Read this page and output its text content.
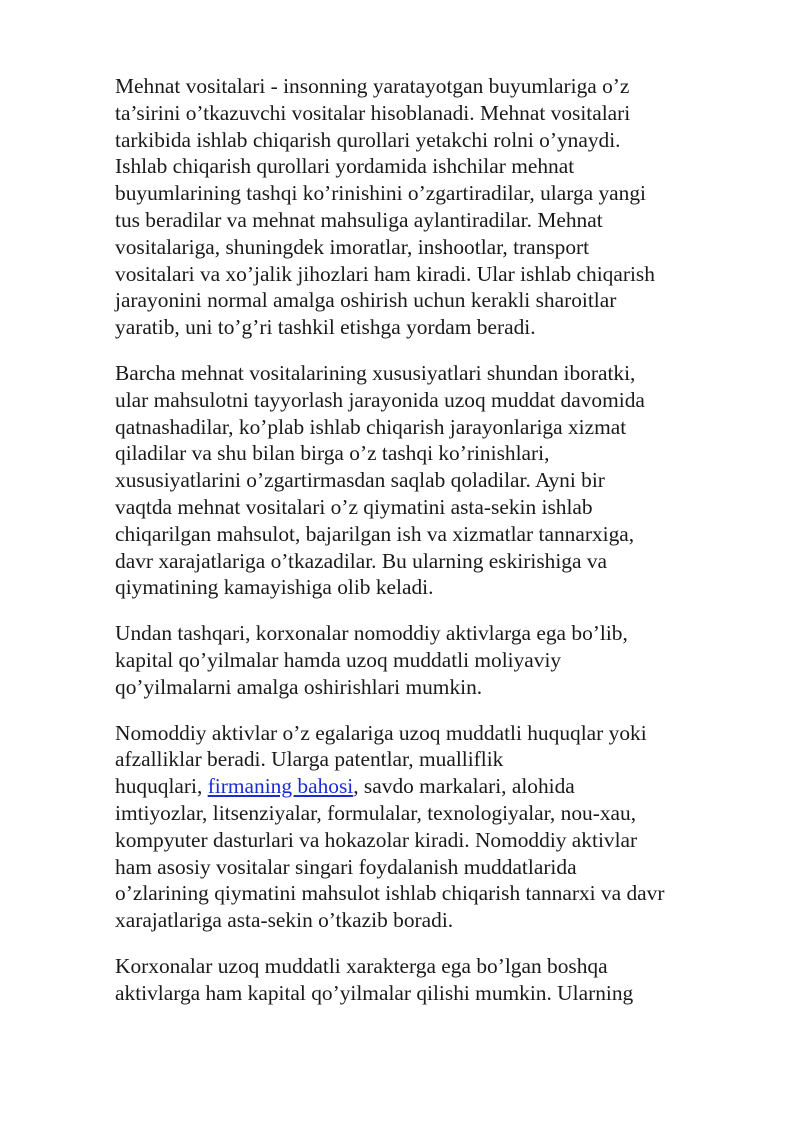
Mehnat vositalari - insonning yaratayotgan buyumlariga o’z
ta’sirini o’tkazuvchi vositalar hisoblanadi. Mehnat vositalari
tarkibida ishlab chiqarish qurollari yetakchi rolni o’ynaydi.
Ishlab chiqarish qurollari yordamida ishchilar mehnat
buyumlarining tashqi ko’rinishini o’zgartiradilar, ularga yangi
tus beradilar va mehnat mahsuliga aylantiradilar. Mehnat
vositalariga, shuningdek imoratlar, inshootlar, transport
vositalari va xo’jalik jihozlari ham kiradi. Ular ishlab chiqarish
jarayonini normal amalga oshirish uchun kerakli sharoitlar
yaratib, uni to’g’ri tashkil etishga yordam beradi.

Barcha mehnat vositalarining xususiyatlari shundan iboratki,
ular mahsulotni tayyorlash jarayonida uzoq muddat davomida
qatnashadilar, ko’plab ishlab chiqarish jarayonlariga xizmat
qiladilar va shu bilan birga o’z tashqi ko’rinishlari,
xususiyatlarini o’zgartirmasdan saqlab qoladilar. Ayni bir
vaqtda mehnat vositalari o’z qiymatini asta-sekin ishlab
chiqarilgan mahsulot, bajarilgan ish va xizmatlar tannarxiga,
davr xarajatlariga o’tkazadilar. Bu ularning eskirishiga va
qiymatining kamayishiga olib keladi.

Undan tashqari, korxonalar nomoddiy aktivlarga ega bo’lib,
kapital qo’yilmalar hamda uzoq muddatli moliyaviy
qo’yilmalarni amalga oshirishlari mumkin.

Nomoddiy aktivlar o’z egalariga uzoq muddatli huquqlar yoki
afzalliklar beradi. Ularga patentlar, mualliflik
huquqlari, firmaning bahosi, savdo markalari, alohida
imtiyozlar, litsenziyalar, formulalar, texnologiyalar, nou-xau,
kompyuter dasturlari va hokazolar kiradi. Nomoddiy aktivlar
ham asosiy vositalar singari foydalanish muddatlarida
o’zlarining qiymatini mahsulot ishlab chiqarish tannarxi va davr
xarajatlariga asta-sekin o’tkazib boradi.

Korxonalar uzoq muddatli xarakterga ega bo’lgan boshqa
aktivlarga ham kapital qo’yilmalar qilishi mumkin. Ularning
